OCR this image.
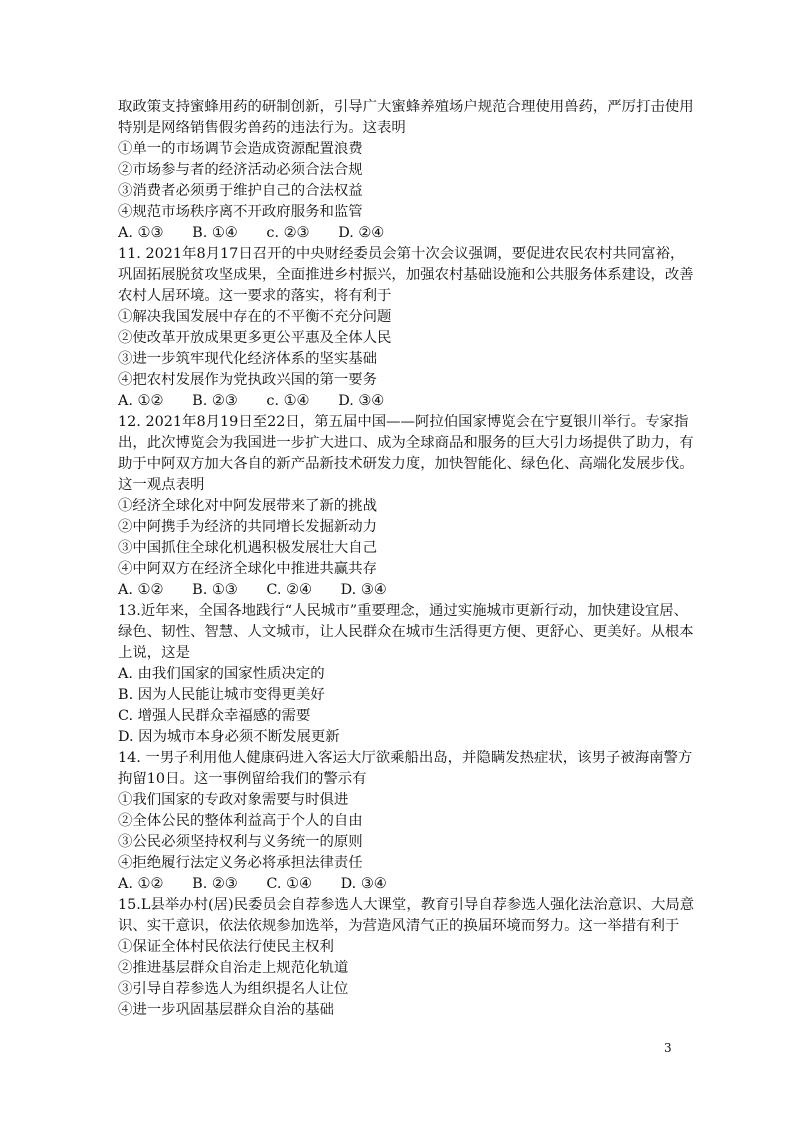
取政策支持蜜蜂用药的研制创新，引导广大蜜蜂养殖场户规范合理使用兽药，严厉打击使用
特别是网络销售假劣兽药的违法行为。这表明
①单一的市场调节会造成资源配置浪费
②市场参与者的经济活动必须合法合规
③消费者必须勇于维护自己的合法权益
④规范市场秩序离不开政府服务和监管
A. ①③　　B. ①④　　c. ②③　　D. ②④
11. 2021年8月17日召开的中央财经委员会第十次会议强调，要促进农民农村共同富裕，
巩固拓展脱贫攻坚成果，全面推进乡村振兴，加强农村基础设施和公共服务体系建设，改善
农村人居环境。这一要求的落实，将有利于
①解决我国发展中存在的不平衡不充分问题
②使改革开放成果更多更公平惠及全体人民
③进一步筑牢现代化经济体系的坚实基础
④把农村发展作为党执政兴国的第一要务
A. ①②　　B. ②③　　c. ①④　　D. ③④
12. 2021年8月19日至22日，第五届中国——阿拉伯国家博览会在宁夏银川举行。专家指
出，此次博览会为我国进一步扩大进口、成为全球商品和服务的巨大引力场提供了助力，有
助于中阿双方加大各自的新产品新技术研发力度，加快智能化、绿色化、高端化发展步伐。
这一观点表明
①经济全球化对中阿发展带来了新的挑战
②中阿携手为经济的共同增长发掘新动力
③中国抓住全球化机遇积极发展壮大自己
④中阿双方在经济全球化中推进共赢共存
A. ①②　　B. ①③　　C. ②④　　D. ③④
13.近年来，全国各地践行“人民城市”重要理念，通过实施城市更新行动，加快建设宜居、
绿色、韧性、智慧、人文城市，让人民群众在城市生活得更方便、更舒心、更美好。从根本
上说，这是
A. 由我们国家的国家性质决定的
B. 因为人民能让城市变得更美好
C. 增强人民群众幸福感的需要
D. 因为城市本身必须不断发展更新
14. 一男子利用他人健康码进入客运大厅欲乘船出岛，并隐瞒发热症状，该男子被海南警方
拘留10日。这一事例留给我们的警示有
①我们国家的专政对象需要与时俱进
②全体公民的整体利益高于个人的自由
③公民必须坚持权利与义务统一的原则
④拒绝履行法定义务必将承担法律责任
A. ①②　　B. ②③　　C. ①④　　D. ③④
15.L县举办村(居)民委员会自荐参选人大课堂，教育引导自荐参选人强化法治意识、大局意
识、实干意识，依法依规参加选举，为营造风清气正的换届环境而努力。这一举措有利于
①保证全体村民依法行使民主权利
②推进基层群众自治走上规范化轨道
③引导自荐参选人为组织提名人让位
④进一步巩固基层群众自治的基础
3
